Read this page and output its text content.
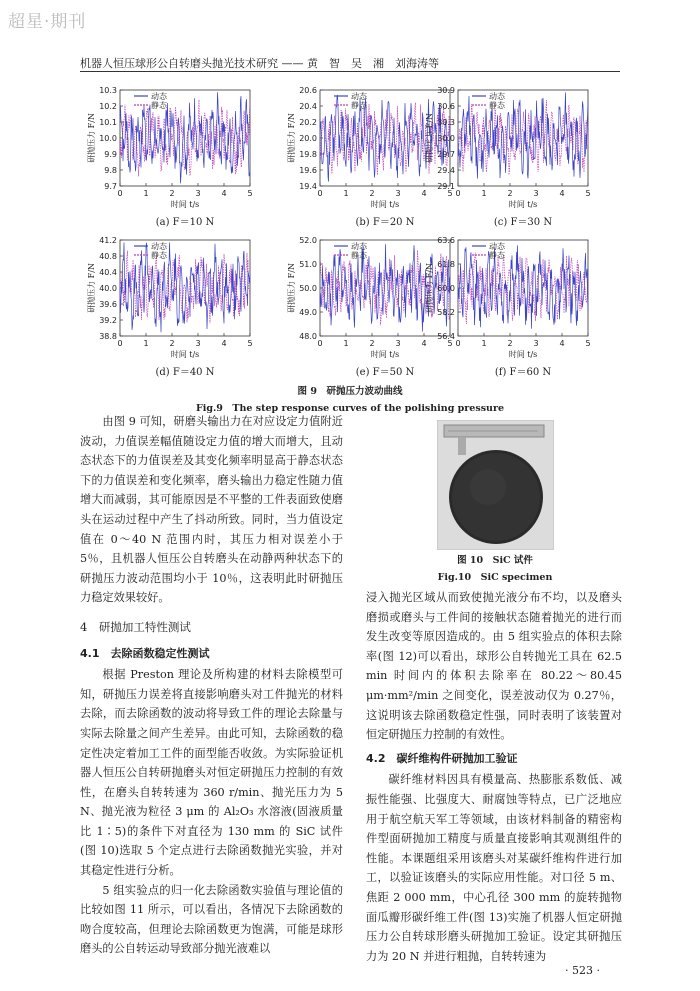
超星·期刊
机器人恒压球形公自转磨头抛光技术研究 —— 黄　智　吴　湘　刘海涛等
10.3
10.2
10.1
10.0
9.9
9.8
9.7
0	1	2	3	4	5
时间 t/s
研抛压力 F/N
动态
静态
(a) F＝10 N
20.6
20.4
20.2
20.0
19.8
19.6
19.4
0	1	2	3	4	5
时间 t/s
研抛压力 F/N
动态
静态
(b) F＝20 N
30.9
30.6
30.3
30.0
29.7
29.4
29.1
0	1	2	3	4	5
时间 t/s
研抛压力 F/N
动态
静态
(c) F＝30 N
41.2
40.8
40.4
40.0
39.6
39.2
38.8
0	1	2	3	4	5
时间 t/s
研抛压力 F/N
动态
静态
(d) F＝40 N
52.0
51.0
50.0
49.0
48.0
0	1	2	3	4	5
时间 t/s
研抛压力 F/N
动态
静态
(e) F＝50 N
63.6
61.8
60.0
58.2
56.4
0	1	2	3	4	5
时间 t/s
研抛压力 F/N
动态
静态
(f) F＝60 N
图 9　研抛压力波动曲线
Fig.9　The step response curves of the polishing pressure

由图 9 可知，研磨头输出力在对应设定力值附近波动，力值误差幅值随设定力值的增大而增大，且动态状态下的力值误差及其变化频率明显高于静态状态下的力值误差和变化频率，磨头输出力稳定性随力值增大而减弱，其可能原因是不平整的工件表面致使磨头在运动过程中产生了抖动所致。同时，当力值设定值在 0～40 N 范围内时，其压力相对误差小于 5％，且机器人恒压公自转磨头在动静两种状态下的研抛压力波动范围均小于 10％，这表明此时研抛压力稳定效果较好。

4　研抛加工特性测试
4.1　去除函数稳定性测试

根据 Preston 理论及所构建的材料去除模型可知，研抛压力误差将直接影响磨头对工件抛光的材料去除，而去除函数的波动将导致工件的理论去除量与实际去除量之间产生差异。由此可知，去除函数的稳定性决定着加工工件的面型能否收敛。为实际验证机器人恒压公自转研抛磨头对恒定研抛压力控制的有效性，在磨头自转转速为 360 r/min、抛光压力为 5 N、抛光液为粒径 3 μm 的 Al₂O₃ 水溶液(固液质量比 1∶5)的条件下对直径为 130 mm 的 SiC 试件(图 10)选取 5 个定点进行去除函数抛光实验，并对其稳定性进行分析。

5 组实验点的归一化去除函数实验值与理论值的比较如图 11 所示，可以看出，各情况下去除函数的吻合度较高，但理论去除函数更为饱满，可能是球形磨头的公自转运动导致部分抛光液难以

图 10　SiC 试件
Fig.10　SiC specimen

浸入抛光区域从而致使抛光液分布不均，以及磨头磨损或磨头与工件间的接触状态随着抛光的进行而发生改变等原因造成的。由 5 组实验点的体积去除率(图 12)可以看出，球形公自转抛光工具在 62.5 min 时间内的体积去除率在 80.22～80.45 μm·mm²/min 之间变化，误差波动仅为 0.27％，这说明该去除函数稳定性强，同时表明了该装置对恒定研抛压力控制的有效性。

4.2　碳纤维构件研抛加工验证

碳纤维材料因具有模量高、热膨胀系数低、减振性能强、比强度大、耐腐蚀等特点，已广泛地应用于航空航天军工等领域，由该材料制备的精密构件型面研抛加工精度与质量直接影响其观测组件的性能。本课题组采用该磨头对某碳纤维构件进行加工，以验证该磨头的实际应用性能。对口径 5 m、焦距 2 000 mm，中心孔径 300 mm 的旋转抛物面瓜瓣形碳纤维工件(图 13)实施了机器人恒定研抛压力公自转球形磨头研抛加工验证。设定其研抛压力为 20 N 并进行粗抛，自转转速为

· 523 ·
